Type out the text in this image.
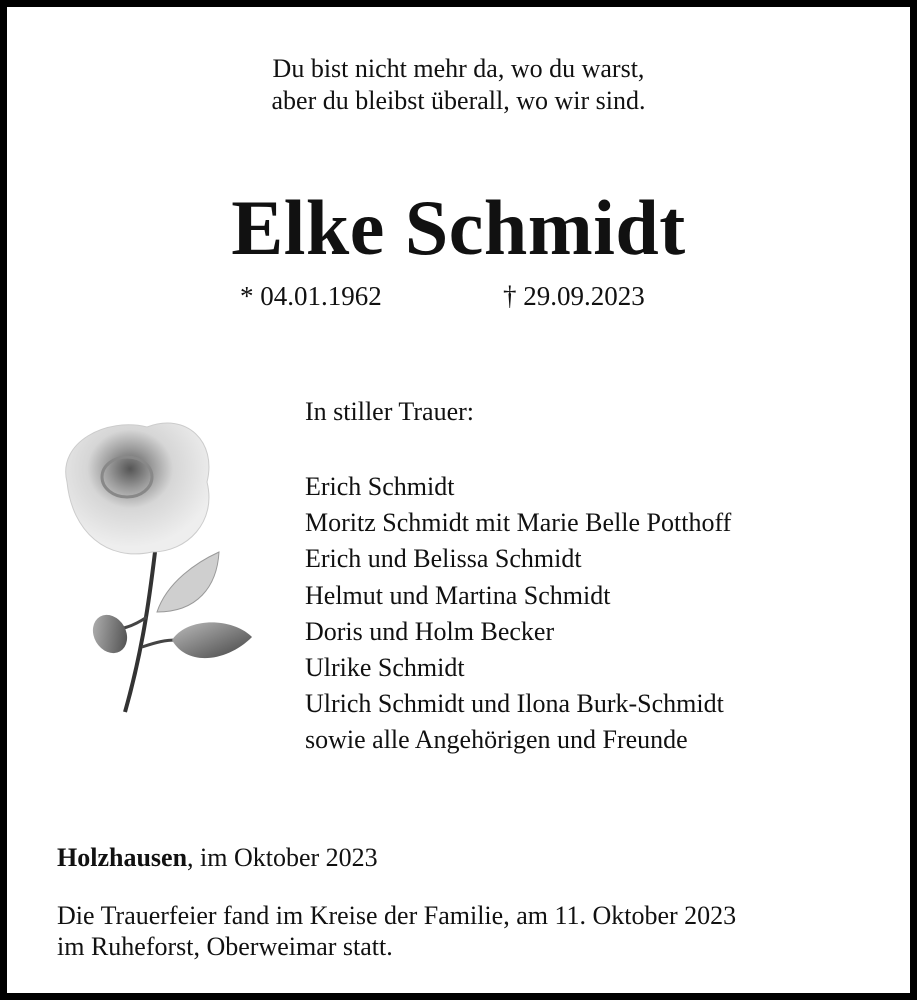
Du bist nicht mehr da, wo du warst,
aber du bleibst überall, wo wir sind.
Elke Schmidt
* 04.01.1962	† 29.09.2023
In stiller Trauer:
Erich Schmidt
Moritz Schmidt mit Marie Belle Potthoff
Erich und Belissa Schmidt
Helmut und Martina Schmidt
Doris und Holm Becker
Ulrike Schmidt
Ulrich Schmidt und Ilona Burk-Schmidt
sowie alle Angehörigen und Freunde
Holzhausen, im Oktober 2023
Die Trauerfeier fand im Kreise der Familie, am 11. Oktober 2023
im Ruheforst, Oberweimar statt.
